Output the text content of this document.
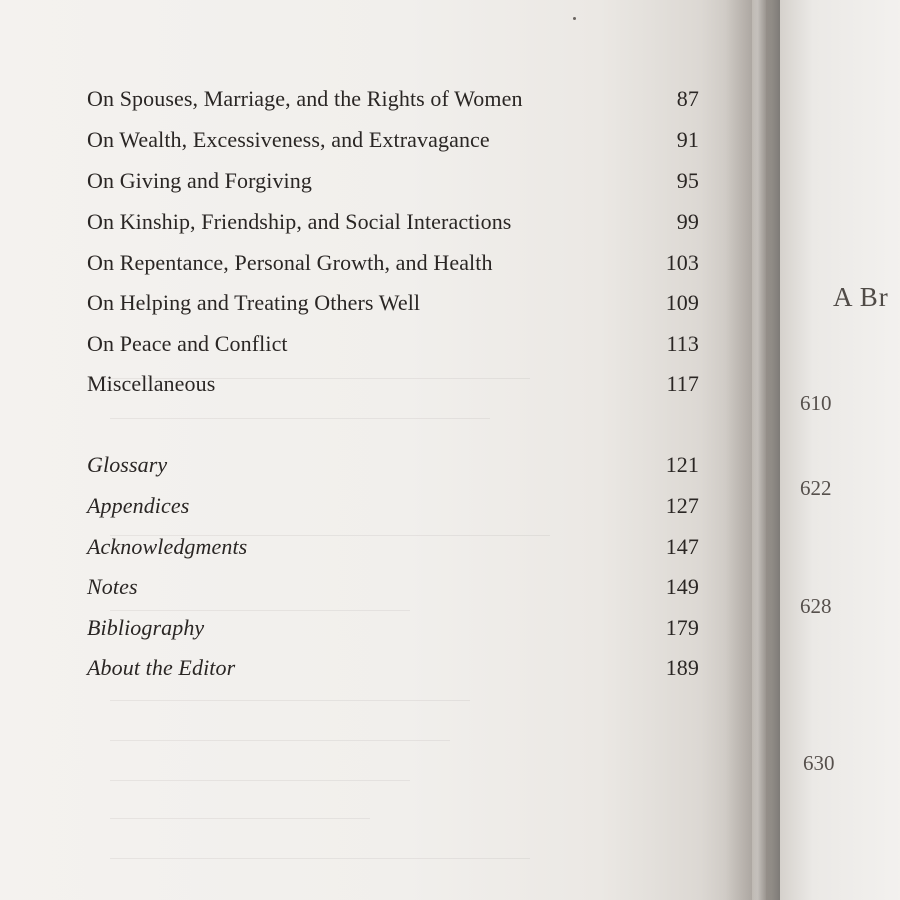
On Spouses, Marriage, and the Rights of Women	87
On Wealth, Excessiveness, and Extravagance	91
On Giving and Forgiving	95
On Kinship, Friendship, and Social Interactions	99
On Repentance, Personal Growth, and Health	103
On Helping and Treating Others Well	109
On Peace and Conflict	113
Miscellaneous	117
Glossary	121
Appendices	127
Acknowledgments	147
Notes	149
Bibliography	179
About the Editor	189
A Br
610
622
628
630
